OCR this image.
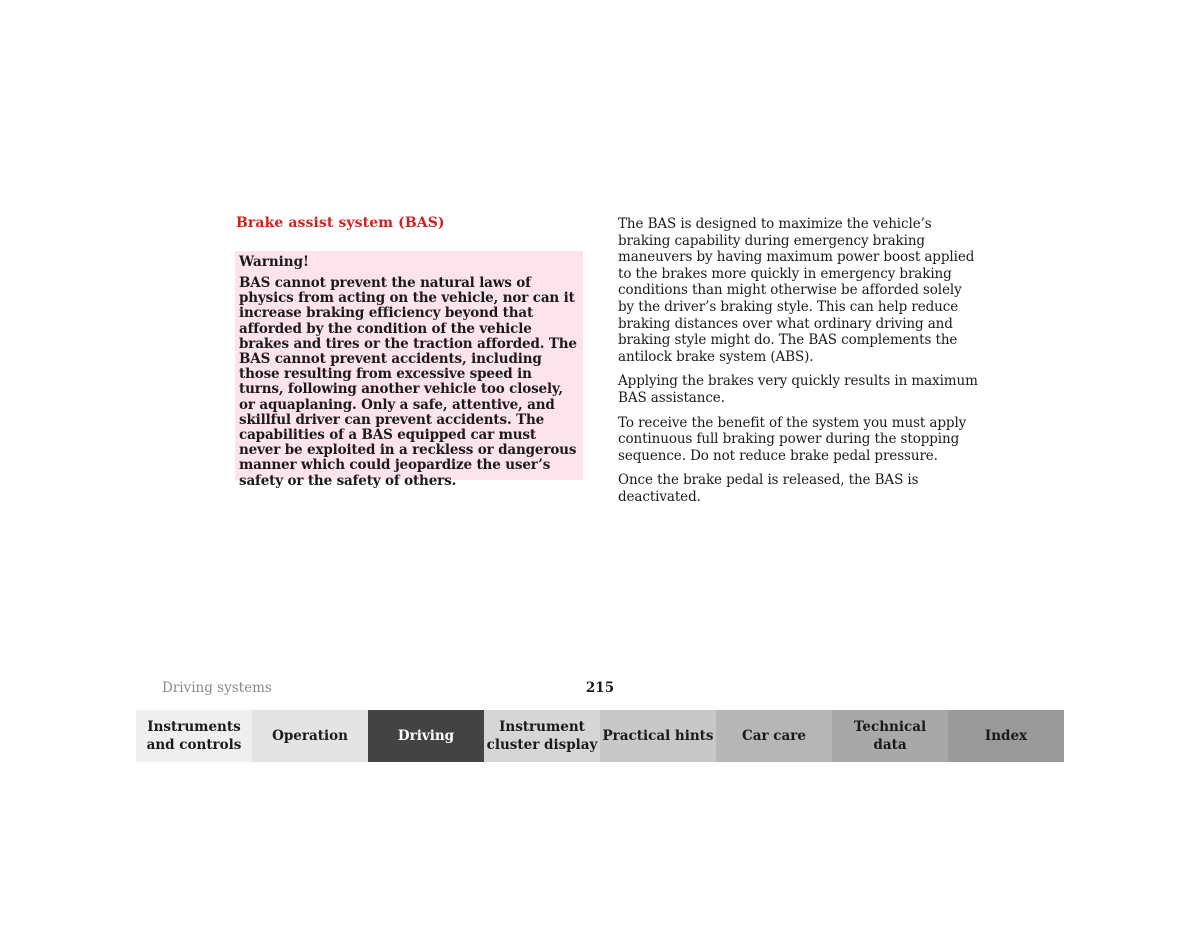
Brake assist system (BAS)

Warning!

BAS cannot prevent the natural laws of physics from acting on the vehicle, nor can it increase braking efficiency beyond that afforded by the condition of the vehicle brakes and tires or the traction afforded. The BAS cannot prevent accidents, including those resulting from excessive speed in turns, following another vehicle too closely, or aquaplaning. Only a safe, attentive, and skillful driver can prevent accidents. The capabilities of a BAS equipped car must never be exploited in a reckless or dangerous manner which could jeopardize the user’s safety or the safety of others.

The BAS is designed to maximize the vehicle’s braking capability during emergency braking maneuvers by having maximum power boost applied to the brakes more quickly in emergency braking conditions than might otherwise be afforded solely by the driver’s braking style. This can help reduce braking distances over what ordinary driving and braking style might do. The BAS complements the antilock brake system (ABS).

Applying the brakes very quickly results in maximum BAS assistance.

To receive the benefit of the system you must apply continuous full braking power during the stopping sequence. Do not reduce brake pedal pressure.

Once the brake pedal is released, the BAS is deactivated.

Driving systems	215
Instruments
and controls
Operation	Driving
Instrument
cluster display
Practical hints Car care
Technical
data
Index
